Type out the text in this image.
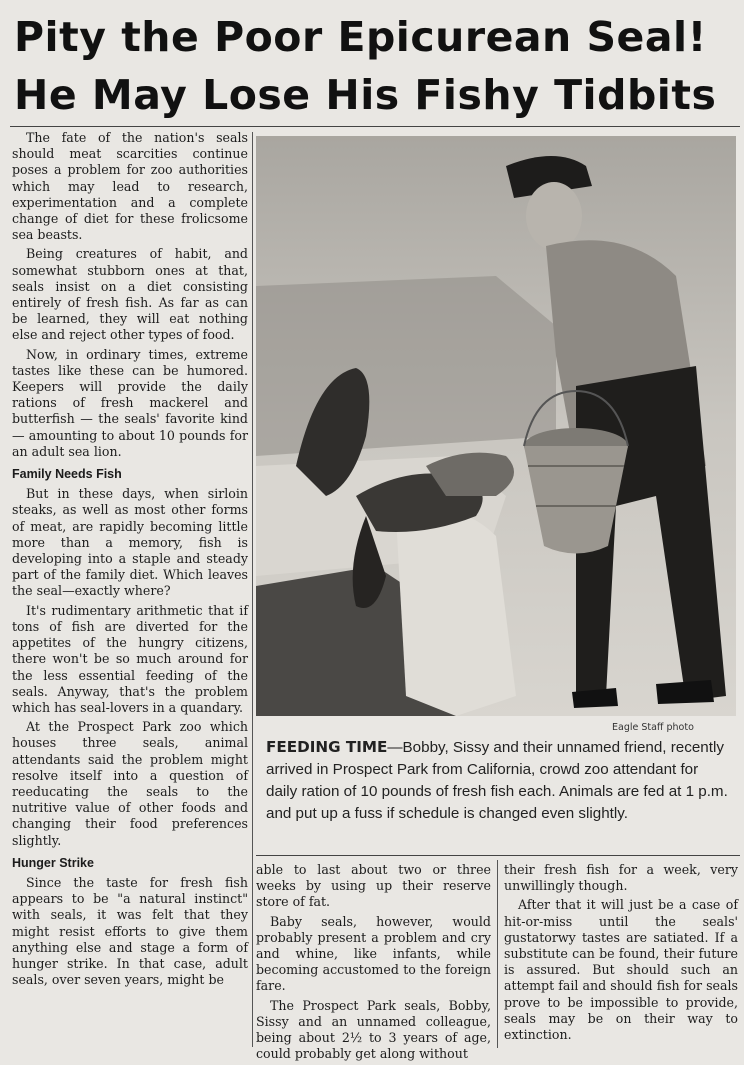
Pity the Poor Epicurean Seal!
He May Lose His Fishy Tidbits

The fate of the nation's seals should meat scarcities continue poses a problem for zoo authorities which may lead to research, experimentation and a complete change of diet for these frolicsome sea beasts.

Being creatures of habit, and somewhat stubborn ones at that, seals insist on a diet consisting entirely of fresh fish. As far as can be learned, they will eat nothing else and reject other types of food.

Now, in ordinary times, extreme tastes like these can be humored. Keepers will provide the daily rations of fresh mackerel and butterfish — the seals' favorite kind — amounting to about 10 pounds for an adult sea lion.

Family Needs Fish

But in these days, when sirloin steaks, as well as most other forms of meat, are rapidly becoming little more than a memory, fish is developing into a staple and steady part of the family diet. Which leaves the seal—exactly where?

It's rudimentary arithmetic that if tons of fish are diverted for the appetites of the hungry citizens, there won't be so much around for the less essential feeding of the seals. Anyway, that's the problem which has seal-lovers in a quandary.

At the Prospect Park zoo which houses three seals, animal attendants said the problem might resolve itself into a question of reeducating the seals to the nutritive value of other foods and changing their food preferences slightly.

Hunger Strike

Since the taste for fresh fish appears to be "a natural instinct" with seals, it was felt that they might resist efforts to give them anything else and stage a form of hunger strike. In that case, adult seals, over seven years, might be

Eagle Staff photo
FEEDING TIME—Bobby, Sissy and their unnamed friend, recently arrived in Prospect Park from California, crowd zoo attendant for daily ration of 10 pounds of fresh fish each. Animals are fed at 1 p.m. and put up a fuss if schedule is changed even slightly.

able to last about two or three weeks by using up their reserve store of fat.

Baby seals, however, would probably present a problem and cry and whine, like infants, while becoming accustomed to the foreign fare.

The Prospect Park seals, Bobby, Sissy and an unnamed colleague, being about 2½ to 3 years of age, could probably get along without

their fresh fish for a week, very unwillingly though.

After that it will just be a case of hit-or-miss until the seals' gustatorwy tastes are satiated. If a substitute can be found, their future is assured. But should such an attempt fail and should fish for seals prove to be impossible to provide, seals may be on their way to extinction.
